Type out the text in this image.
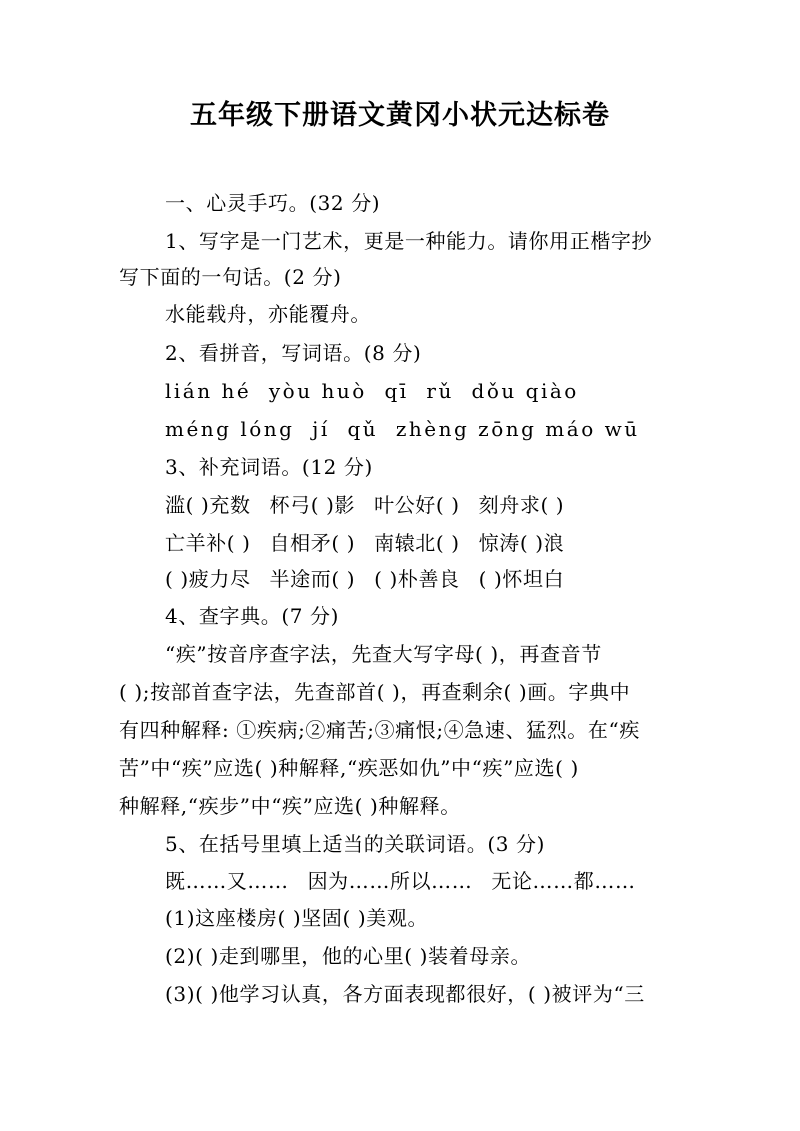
五年级下册语文黄冈小状元达标卷
一、心灵手巧。(32 分)
1、写字是一门艺术，更是一种能力。请你用正楷字抄
写下面的一句话。(2 分)
水能载舟，亦能覆舟。
2、看拼音，写词语。(8 分)
lián hé  yòu huò  qī  rǔ  dǒu qiào
méng lóng  jí  qǔ  zhèng zōng máo wū
3、补充词语。(12 分)
滥( )充数 杯弓( )影 叶公好( ) 刻舟求( )
亡羊补( ) 自相矛( ) 南辕北( ) 惊涛( )浪
( )疲力尽 半途而( ) ( )朴善良 ( )怀坦白
4、查字典。(7 分)
“疾”按音序查字法，先查大写字母( )，再查音节
( );按部首查字法，先查部首( )，再查剩余( )画。字典中
有四种解释: ①疾病;②痛苦;③痛恨;④急速、猛烈。在“疾
苦”中“疾”应选( )种解释,“疾恶如仇”中“疾”应选( )
种解释,“疾步”中“疾”应选( )种解释。
5、在括号里填上适当的关联词语。(3 分)
既……又…… 因为……所以…… 无论……都……
(1)这座楼房( )坚固( )美观。
(2)( )走到哪里，他的心里( )装着母亲。
(3)( )他学习认真，各方面表现都很好，( )被评为“三
